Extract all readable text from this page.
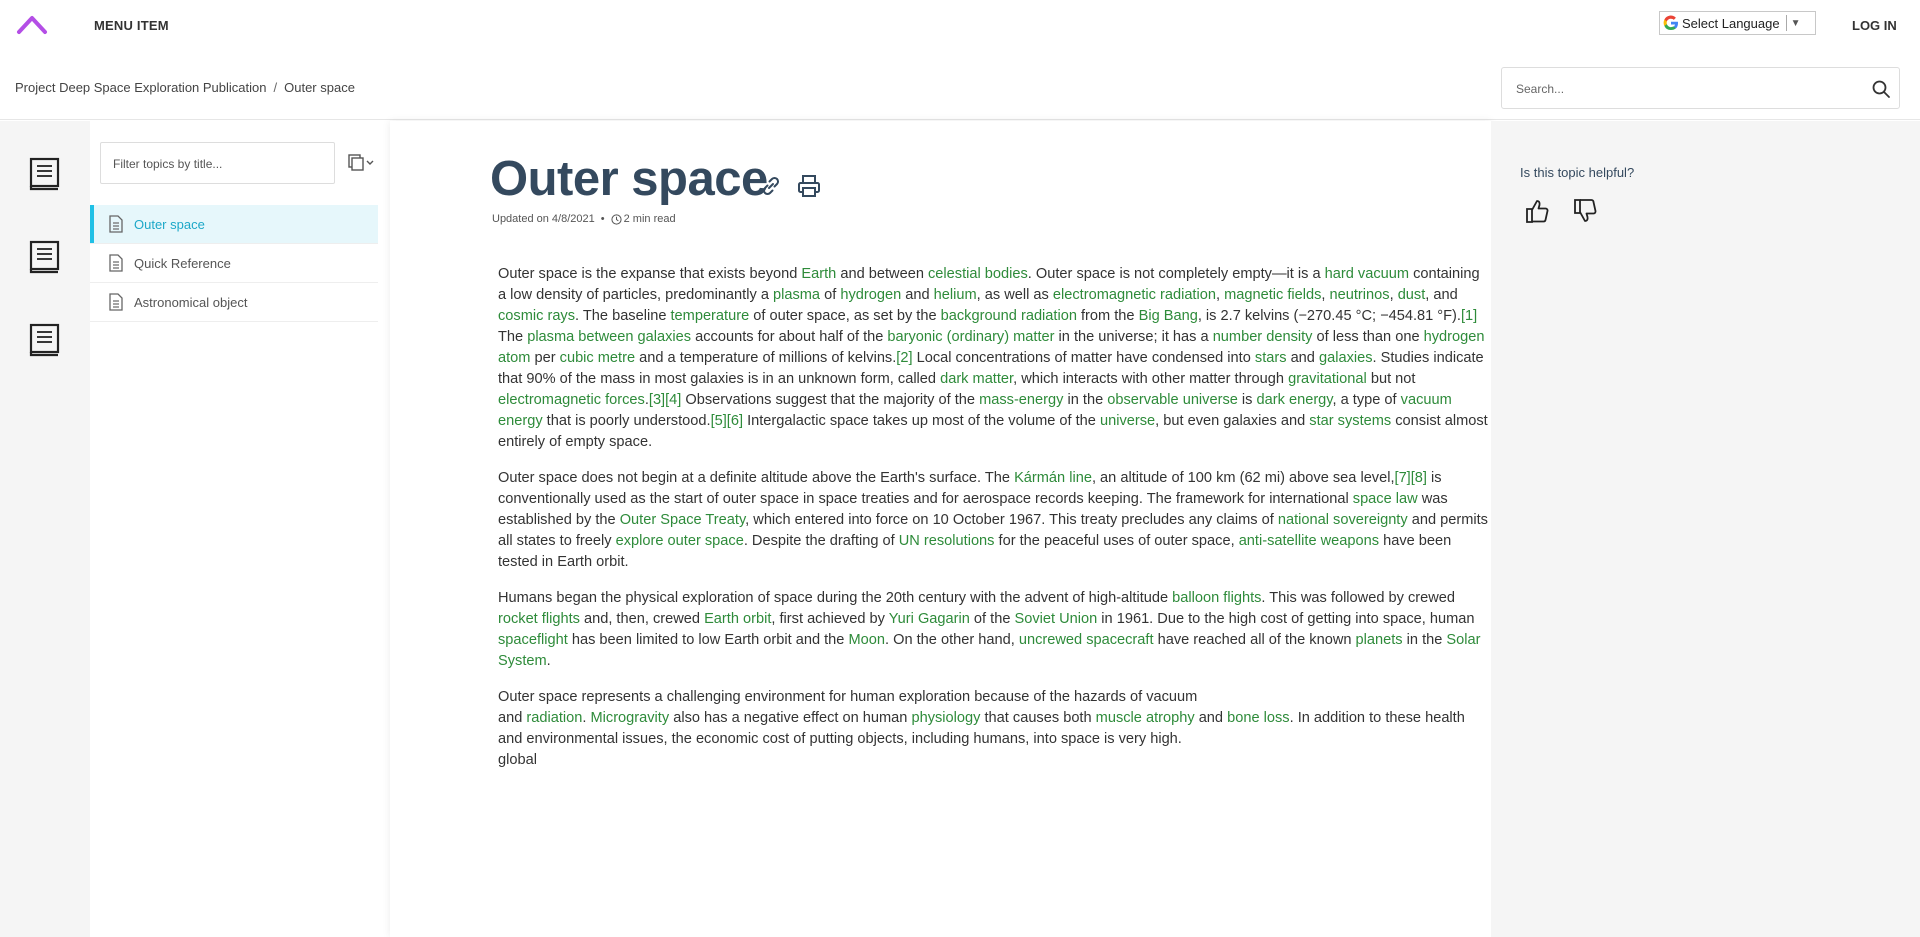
MENU ITEM	Select Language ▼	LOG IN
Project Deep Space Exploration Publication / Outer space
Search...
Filter topics by title...
Outer space
Quick Reference
Astronomical object
Outer space
Updated on 4/8/2021 • 2 min read

Outer space is the expanse that exists beyond Earth and between celestial bodies. Outer space is not completely empty—it is a hard vacuum containing a low density of particles, predominantly a plasma of hydrogen and helium, as well as electromagnetic radiation, magnetic fields, neutrinos, dust, and cosmic rays. The baseline temperature of outer space, as set by the background radiation from the Big Bang, is 2.7 kelvins (−270.45 °C; −454.81 °F).[1] The plasma between galaxies accounts for about half of the baryonic (ordinary) matter in the universe; it has a number density of less than one hydrogen atom per cubic metre and a temperature of millions of kelvins.[2] Local concentrations of matter have condensed into stars and galaxies. Studies indicate that 90% of the mass in most galaxies is in an unknown form, called dark matter, which interacts with other matter through gravitational but not electromagnetic forces.[3][4] Observations suggest that the majority of the mass-energy in the observable universe is dark energy, a type of vacuum energy that is poorly understood.[5][6] Intergalactic space takes up most of the volume of the universe, but even galaxies and star systems consist almost entirely of empty space.

Outer space does not begin at a definite altitude above the Earth's surface. The Kármán line, an altitude of 100 km (62 mi) above sea level,[7][8] is conventionally used as the start of outer space in space treaties and for aerospace records keeping. The framework for international space law was established by the Outer Space Treaty, which entered into force on 10 October 1967. This treaty precludes any claims of national sovereignty and permits all states to freely explore outer space. Despite the drafting of UN resolutions for the peaceful uses of outer space, anti-satellite weapons have been tested in Earth orbit.

Humans began the physical exploration of space during the 20th century with the advent of high-altitude balloon flights. This was followed by crewed rocket flights and, then, crewed Earth orbit, first achieved by Yuri Gagarin of the Soviet Union in 1961. Due to the high cost of getting into space, human spaceflight has been limited to low Earth orbit and the Moon. On the other hand, uncrewed spacecraft have reached all of the known planets in the Solar System.

Outer space represents a challenging environment for human exploration because of the hazards of vacuum
and radiation. Microgravity also has a negative effect on human physiology that causes both muscle atrophy and bone loss. In addition to these health and environmental issues, the economic cost of putting objects, including humans, into space is very high.
global

Is this topic helpful?
